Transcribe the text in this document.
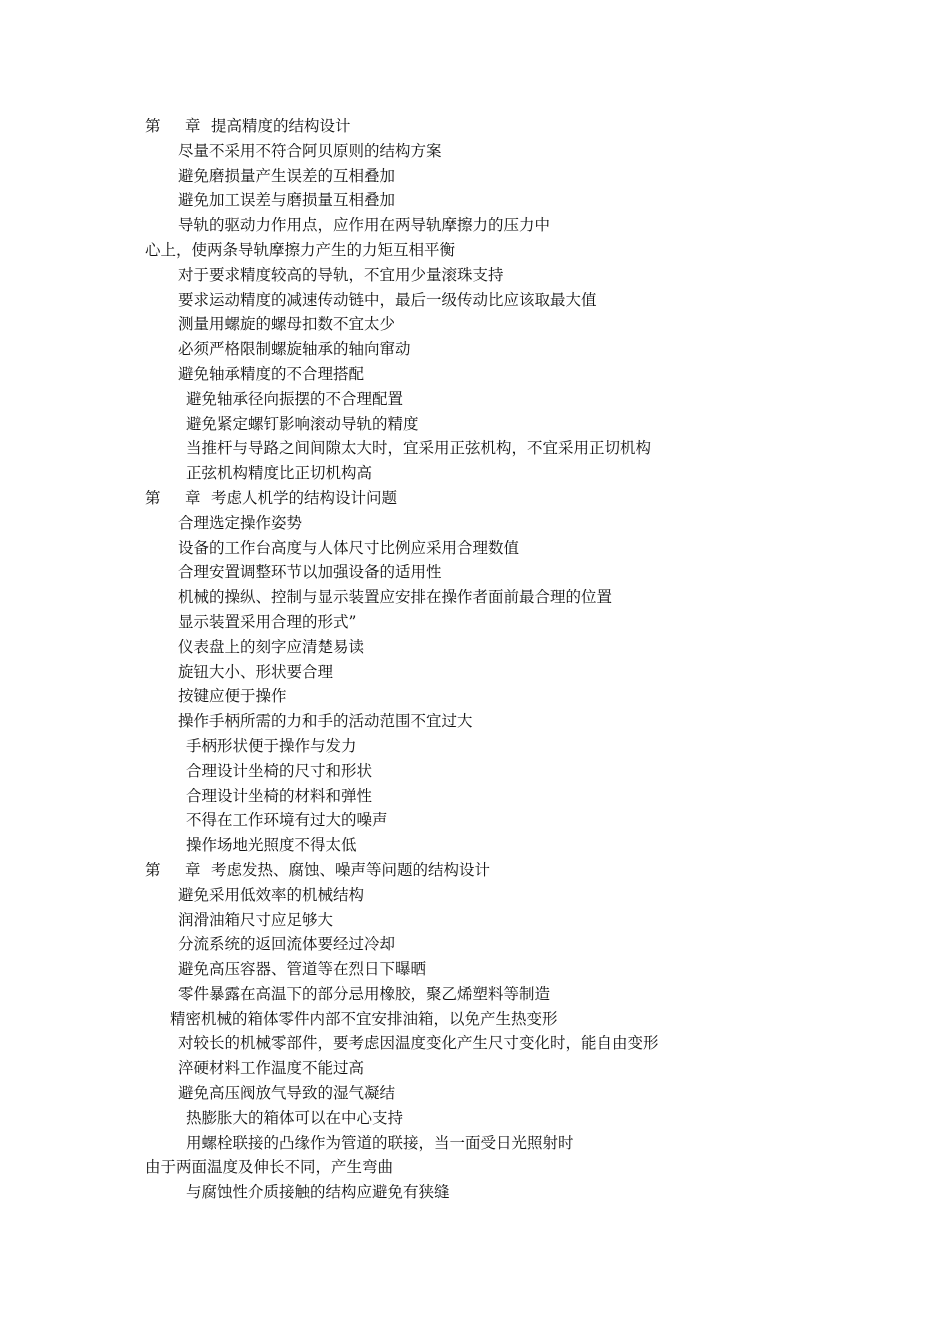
第 章 提高精度的结构设计
尽量不采用不符合阿贝原则的结构方案
避免磨损量产生误差的互相叠加
避免加工误差与磨损量互相叠加
导轨的驱动力作用点，应作用在两导轨摩擦力的压力中
心上，使两条导轨摩擦力产生的力矩互相平衡
对于要求精度较高的导轨，不宜用少量滚珠支持
要求运动精度的减速传动链中，最后一级传动比应该取最大值
测量用螺旋的螺母扣数不宜太少
必须严格限制螺旋轴承的轴向窜动
避免轴承精度的不合理搭配
避免轴承径向振摆的不合理配置
避免紧定螺钉影响滚动导轨的精度
当推杆与导路之间间隙太大时，宜采用正弦机构，不宜采用正切机构
正弦机构精度比正切机构高
第 章 考虑人机学的结构设计问题
合理选定操作姿势
设备的工作台高度与人体尺寸比例应采用合理数值
合理安置调整环节以加强设备的适用性
机械的操纵、控制与显示装置应安排在操作者面前最合理的位置
显示装置采用合理的形式”
仪表盘上的刻字应清楚易读
旋钮大小、形状要合理
按键应便于操作
操作手柄所需的力和手的活动范围不宜过大
手柄形状便于操作与发力
合理设计坐椅的尺寸和形状
合理设计坐椅的材料和弹性
不得在工作环境有过大的噪声
操作场地光照度不得太低
第 章 考虑发热、腐蚀、噪声等问题的结构设计
避免采用低效率的机械结构
润滑油箱尺寸应足够大
分流系统的返回流体要经过冷却
避免高压容器、管道等在烈日下曝晒
零件暴露在高温下的部分忌用橡胶，聚乙烯塑料等制造
精密机械的箱体零件内部不宜安排油箱，以免产生热变形
对较长的机械零部件，要考虑因温度变化产生尺寸变化时，能自由变形
淬硬材料工作温度不能过高
避免高压阀放气导致的湿气凝结
热膨胀大的箱体可以在中心支持
用螺栓联接的凸缘作为管道的联接，当一面受日光照射时
由于两面温度及伸长不同，产生弯曲
与腐蚀性介质接触的结构应避免有狭缝
